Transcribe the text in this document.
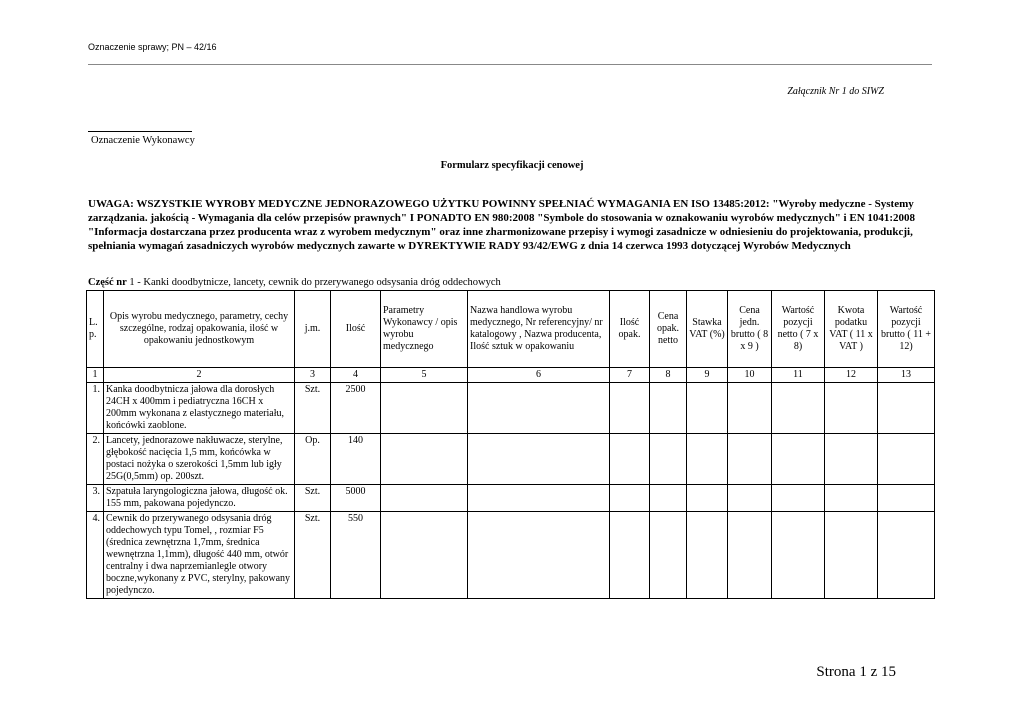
Oznaczenie sprawy; PN – 42/16
Załącznik Nr 1 do SIWZ
Oznaczenie Wykonawcy
Formularz specyfikacji cenowej
UWAGA: WSZYSTKIE WYROBY MEDYCZNE JEDNORAZOWEGO UŻYTKU POWINNY SPEŁNIAĆ WYMAGANIA EN ISO 13485:2012: "Wyroby medyczne - Systemy zarządzania. jakością - Wymagania dla celów przepisów prawnych" I PONADTO EN 980:2008 "Symbole do stosowania w oznakowaniu wyrobów medycznych" i EN 1041:2008 "Informacja dostarczana przez producenta wraz z wyrobem medycznym" oraz inne zharmonizowane przepisy i wymogi zasadnicze w odniesieniu do projektowania, produkcji, spełniania wymagań zasadniczych wyrobów medycznych zawarte w DYREKTYWIE RADY 93/42/EWG z dnia 14 czerwca 1993 dotyczącej Wyrobów Medycznych
Część nr 1 - Kanki doodbytnicze, lancety, cewnik do przerywanego odsysania dróg oddechowych
L. p.	Opis wyrobu medycznego, parametry, cechy szczególne, rodzaj opakowania, ilość w opakowaniu jednostkowym	j.m.	Ilość	Parametry Wykonawcy / opis wyrobu medycznego	Nazwa handlowa wyrobu medycznego, Nr referencyjny/ nr katalogowy , Nazwa producenta, Ilość sztuk w opakowaniu	Ilość opak.	Cena opak. netto	Stawka VAT (%)	Cena jedn. brutto ( 8 x 9 )	Wartość pozycji netto ( 7 x 8)	Kwota podatku VAT ( 11 x VAT )	Wartość pozycji brutto ( 11 + 12)
1	2	3	4	5	6	7	8	9	10	11	12	13
1.	Kanka doodbytnicza jałowa dla dorosłych 24CH x 400mm i pediatryczna 16CH x 200mm wykonana z elastycznego materiału, końcówki zaoblone.	Szt.	2500									
2.	Lancety, jednorazowe nakłuwacze, sterylne, głębokość nacięcia 1,5 mm, końcówka w postaci nożyka o szerokości 1,5mm lub igły 25G(0,5mm) op. 200szt.	Op.	140									
3.	Szpatuła laryngologiczna jałowa, długość ok. 155 mm, pakowana pojedynczo.	Szt.	5000									
4.	Cewnik do przerywanego odsysania dróg oddechowych typu Tomel, , rozmiar F5 (średnica zewnętrzna 1,7mm, średnica wewnętrzna 1,1mm), długość 440 mm, otwór centralny i dwa naprzemianlegle otwory boczne,wykonany z PVC, sterylny, pakowany pojedynczo.	Szt.	550									
Strona 1 z 15
